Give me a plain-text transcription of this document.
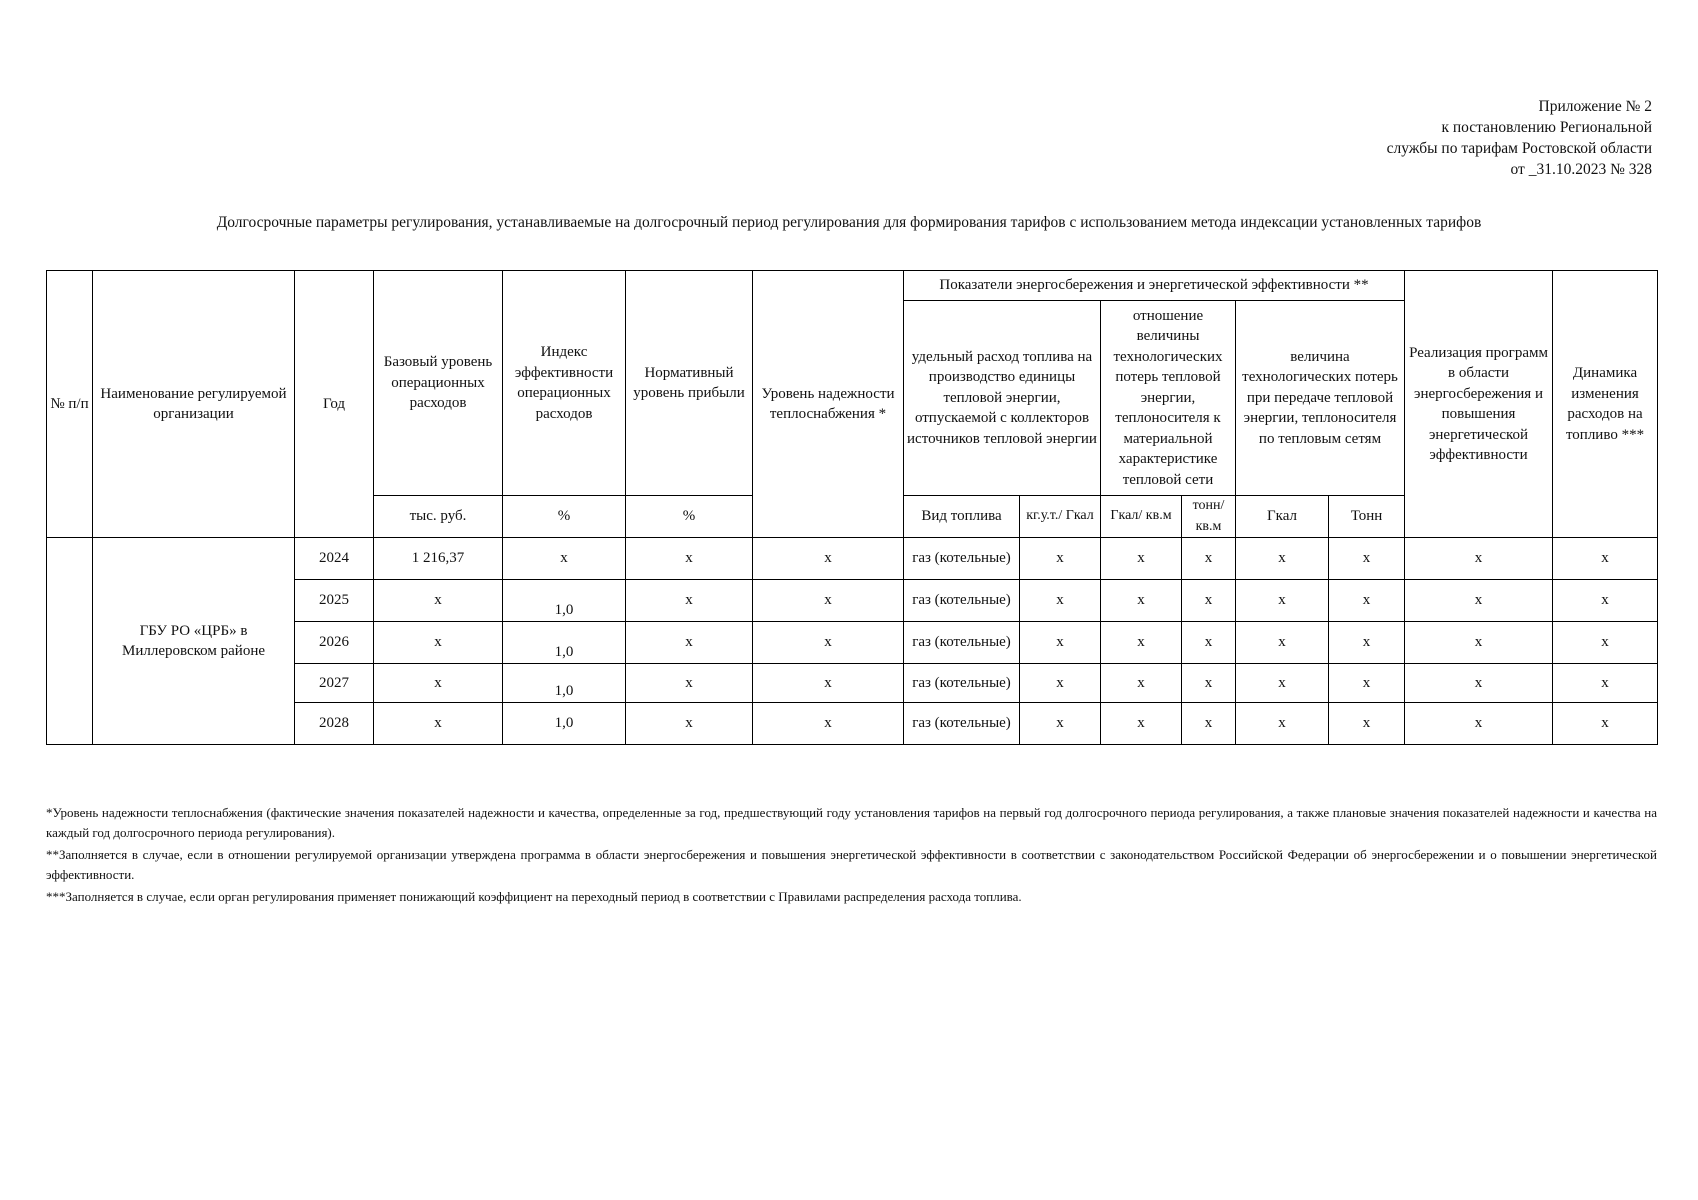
Приложение № 2
к постановлению Региональной
службы по тарифам Ростовской области
от _31.10.2023 № 328
Долгосрочные параметры регулирования, устанавливаемые на долгосрочный период регулирования для формирования тарифов с использованием метода индексации установленных тарифов
№ п/п	Наименование регулируемой организации	Год	Базовый уровень операционных расходов	Индекс эффективности операционных расходов	Нормативный уровень прибыли	Уровень надежности теплоснабжения *	Показатели энергосбережения и энергетической эффективности **						Реализация программ в области энергосбережения и повышения энергетической эффективности	Динамика изменения расходов на топливо ***
							удельный расход топлива на производство единицы тепловой энергии, отпускаемой с коллекторов источников тепловой энергии		отношение величины технологических потерь тепловой энергии, теплоносителя к материальной характеристике тепловой сети		величина технологических потерь при передаче тепловой энергии, теплоносителя по тепловым сетям			
			тыс. руб.	%	%		Вид топлива	кг.у.т./ Гкал	Гкал/ кв.м	тонн/ кв.м	Гкал	Тонн		
	ГБУ РО «ЦРБ» в Миллеровском районе	2024	1 216,37	х	х	х	газ (котельные)	х	х	х	х	х	х	х
		2025	х	1,0	х	х	газ (котельные)	х	х	х	х	х	х	х
		2026	х	1,0	х	х	газ (котельные)	х	х	х	х	х	х	х
		2027	х	1,0	х	х	газ (котельные)	х	х	х	х	х	х	х
		2028	х	1,0	х	х	газ (котельные)	х	х	х	х	х	х	х

*Уровень надежности теплоснабжения (фактические значения показателей надежности и качества, определенные за год, предшествующий году установления тарифов на первый год долгосрочного периода регулирования, а также плановые значения показателей надежности и качества на каждый год долгосрочного периода регулирования).

**Заполняется в случае, если в отношении регулируемой организации утверждена программа в области энергосбережения и повышения энергетической эффективности в соответствии с законодательством Российской Федерации об энергосбережении и о повышении энергетической эффективности.

***Заполняется в случае, если орган регулирования применяет понижающий коэффициент на переходный период в соответствии с Правилами распределения расхода топлива.
